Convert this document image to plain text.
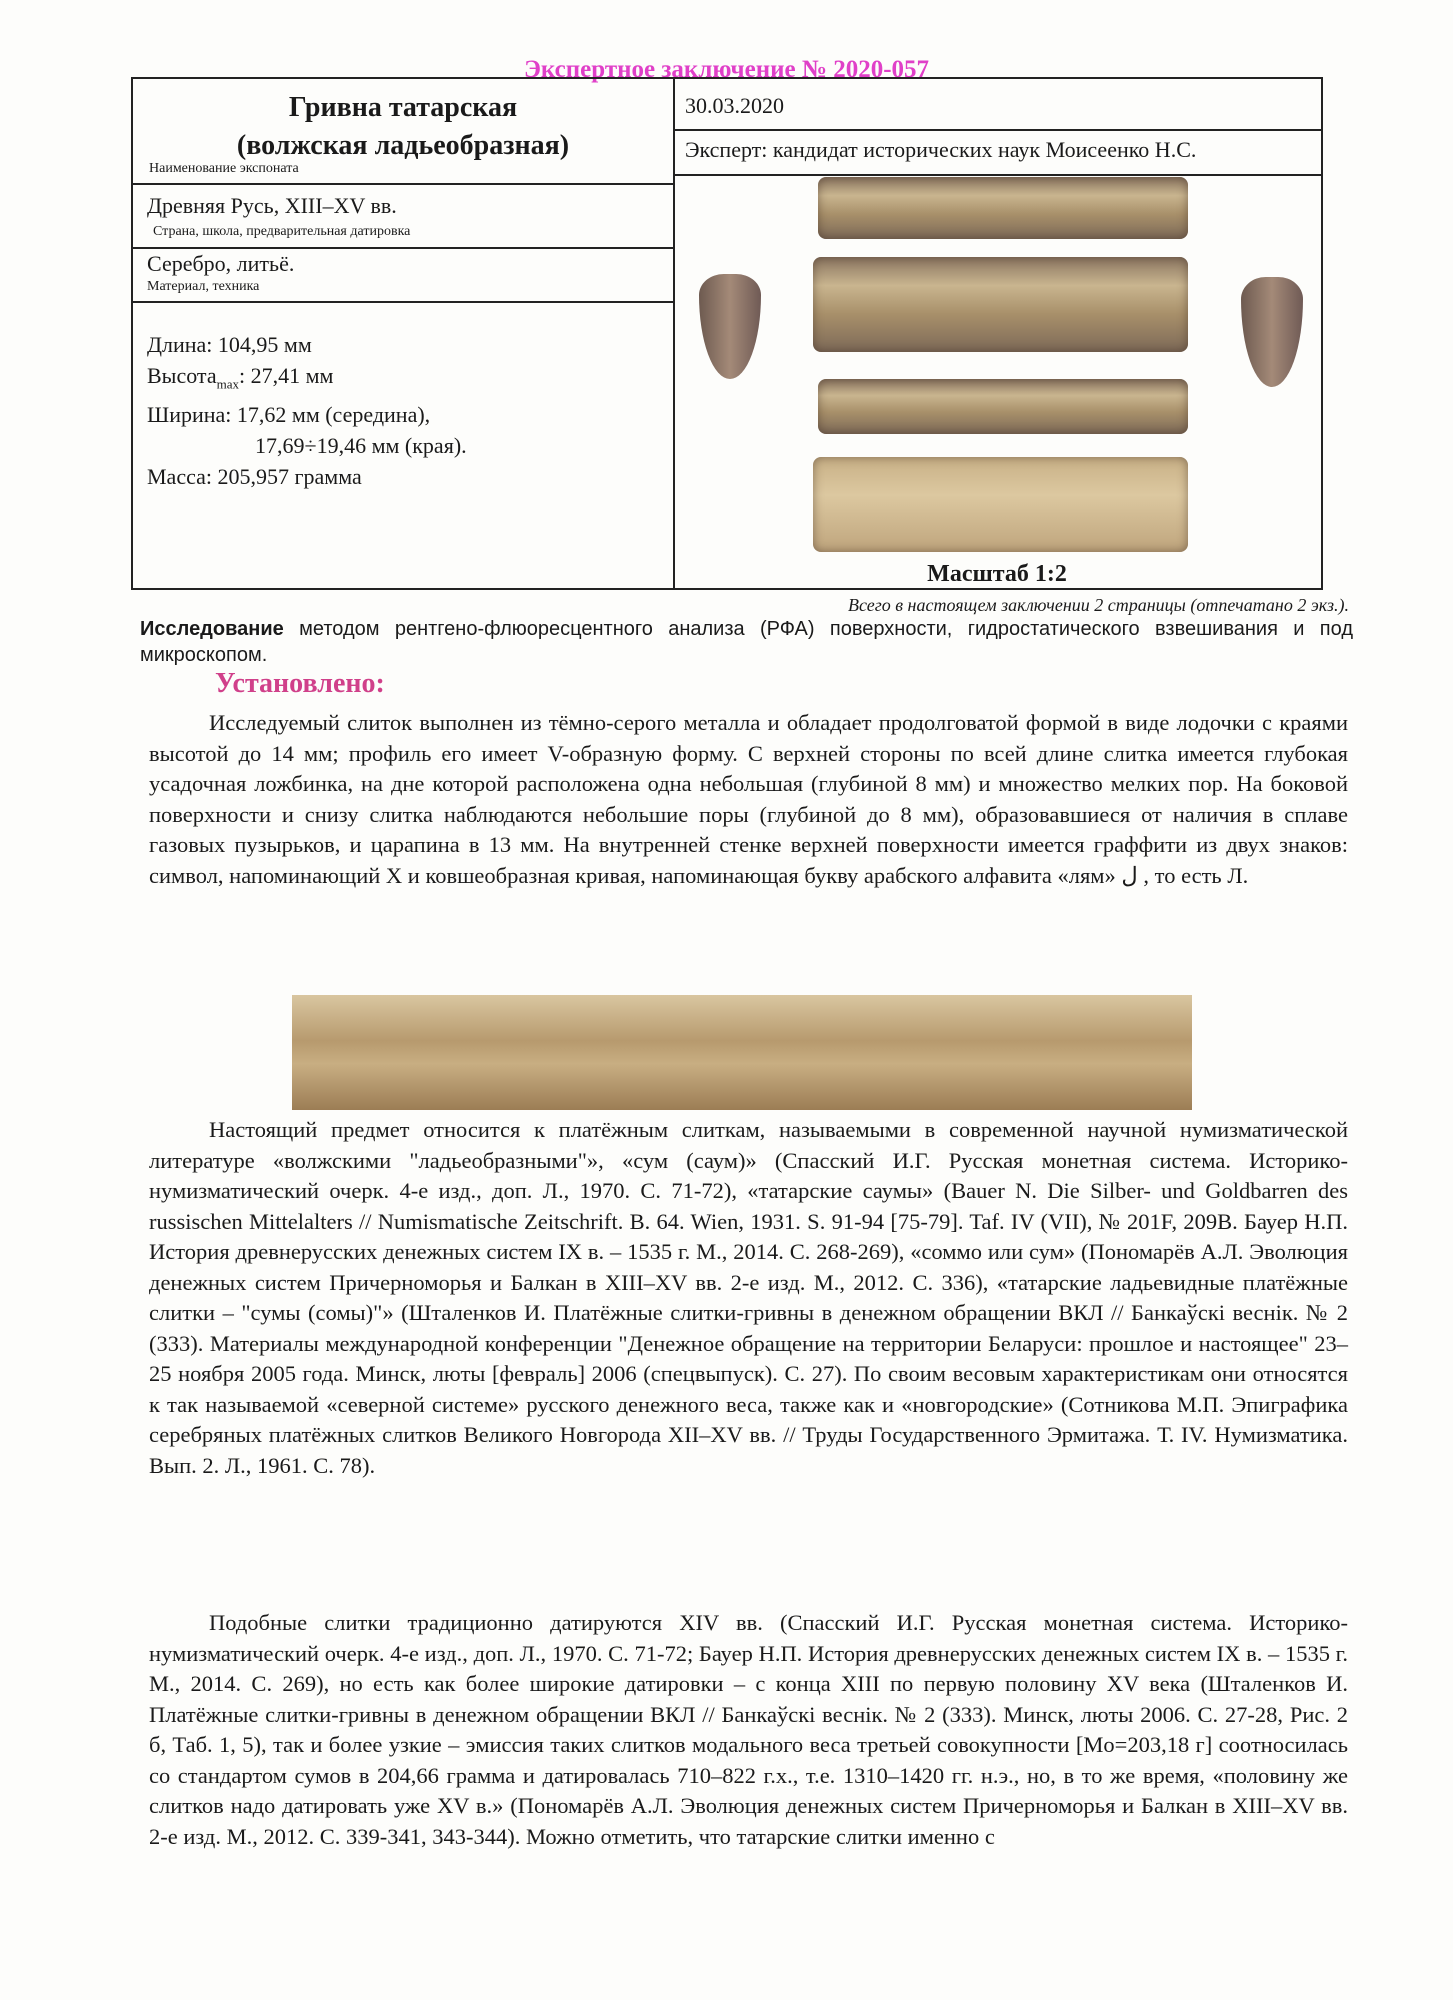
Экспертное заключение № 2020-057
Гривна татарская
(волжская ладьеобразная)
Наименование экспоната
Древняя Русь, XIII–XV вв.
Страна, школа, предварительная датировка
Серебро, литьё.
Материал, техника
Длина: 104,95 мм
Высота$_{max}$: 27,41 мм
Ширина: 17,62 мм (середина),
17,69÷19,46 мм (края).
Масса: 205,957 грамма
30.03.2020
Эксперт: кандидат исторических наук Моисеенко Н.С.
Масштаб 1:2
Всего в настоящем заключении 2 страницы (отпечатано 2 экз.).
Исследование методом рентгено-флюоресцентного анализа (РФА) поверхности, гидростатического взвешивания и под микроскопом.
Установлено:

Исследуемый слиток выполнен из тёмно-серого металла и обладает продолговатой формой в виде лодочки с краями высотой до 14 мм; профиль его имеет V-образную форму. С верхней стороны по всей длине слитка имеется глубокая усадочная ложбинка, на дне которой расположена одна небольшая (глубиной 8 мм) и множество мелких пор. На боковой поверхности и снизу слитка наблюдаются небольшие поры (глубиной до 8 мм), образовавшиеся от наличия в сплаве газовых пузырьков, и царапина в 13 мм. На внутренней стенке верхней поверхности имеется граффити из двух знаков: символ, напоминающий Х и ковшеобразная кривая, напоминающая букву арабского алфавита «лям» ل , то есть Л.

Настоящий предмет относится к платёжным слиткам, называемыми в современной научной нумизматической литературе «волжскими "ладьеобразными"», «сум (саум)» (Спасский И.Г. Русская монетная система. Историко-нумизматический очерк. 4-е изд., доп. Л., 1970. С. 71-72), «татарские саумы» (Bauer N. Die Silber- und Goldbarren des russischen Mittelalters // Numismatische Zeitschrift. B. 64. Wien, 1931. S. 91-94 [75-79]. Taf. IV (VII), № 201F, 209B. Бауер Н.П. История древнерусских денежных систем IX в. – 1535 г. М., 2014. С. 268-269), «соммо или сум» (Пономарёв А.Л. Эволюция денежных систем Причерноморья и Балкан в XIII–XV вв. 2-е изд. М., 2012. С. 336), «татарские ладьевидные платёжные слитки – "сумы (сомы)"» (Шталенков И. Платёжные слитки-гривны в денежном обращении ВКЛ // Банкаўскі веснік. № 2 (333). Материалы международной конференции "Денежное обращение на территории Беларуси: прошлое и настоящее" 23–25 ноября 2005 года. Минск, люты [февраль] 2006 (спецвыпуск). С. 27). По своим весовым характеристикам они относятся к так называемой «северной системе» русского денежного веса, также как и «новгородские» (Сотникова М.П. Эпиграфика серебряных платёжных слитков Великого Новгорода XII–XV вв. // Труды Государственного Эрмитажа. Т. IV. Нумизматика. Вып. 2. Л., 1961. С. 78).

Подобные слитки традиционно датируются XIV вв. (Спасский И.Г. Русская монетная система. Историко-нумизматический очерк. 4-е изд., доп. Л., 1970. С. 71-72; Бауер Н.П. История древнерусских денежных систем IX в. – 1535 г. М., 2014. С. 269), но есть как более широкие датировки – с конца XIII по первую половину XV века (Шталенков И. Платёжные слитки-гривны в денежном обращении ВКЛ // Банкаўскі веснік. № 2 (333). Минск, люты 2006. С. 27-28, Рис. 2 б, Таб. 1, 5), так и более узкие – эмиссия таких слитков модального веса третьей совокупности [Mo=203,18 г] соотносилась со стандартом сумов в 204,66 грамма и датировалась 710–822 г.х., т.е. 1310–1420 гг. н.э., но, в то же время, «половину же слитков надо датировать уже XV в.» (Пономарёв А.Л. Эволюция денежных систем Причерноморья и Балкан в XIII–XV вв. 2-е изд. М., 2012. С. 339-341, 343-344). Можно отметить, что татарские слитки именно с
